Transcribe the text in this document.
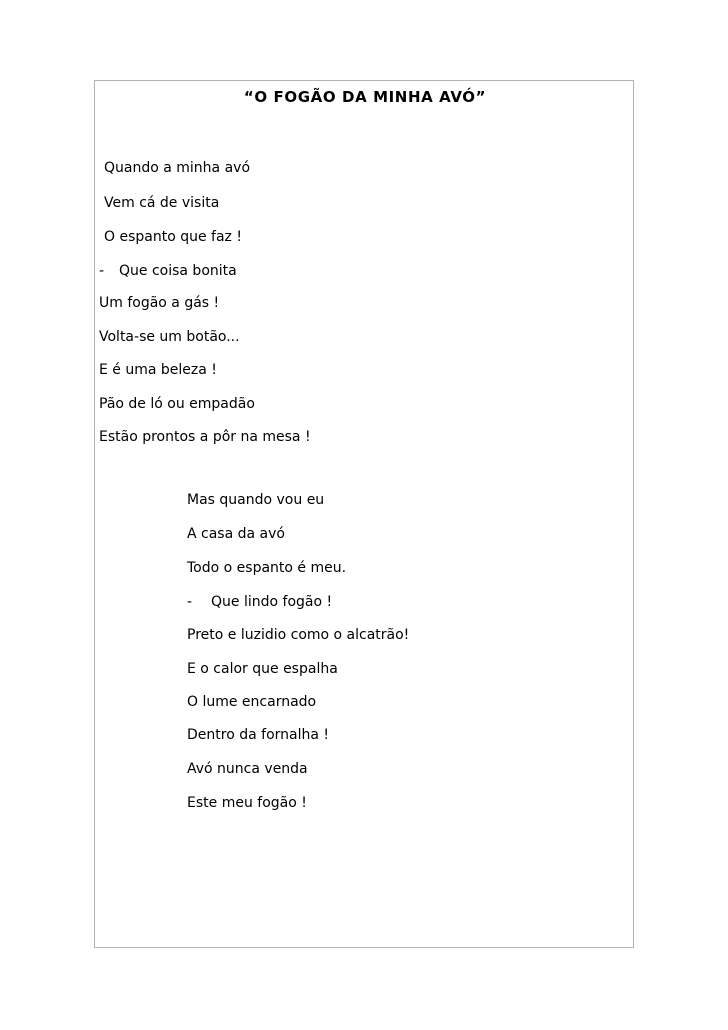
“O FOGÃO DA MINHA AVÓ”
Quando a minha avó
Vem cá de visita
O espanto que faz !
- Que coisa bonita
Um fogão a gás !
Volta-se um botão...
E é uma beleza !
Pão de ló ou empadão
Estão prontos a pôr na mesa !
Mas quando vou eu
A casa da avó
Todo o espanto é meu.
- Que lindo fogão !
Preto e luzidio como o alcatrão!
E o calor que espalha
O lume encarnado
Dentro da fornalha !
Avó nunca venda
Este meu fogão !
